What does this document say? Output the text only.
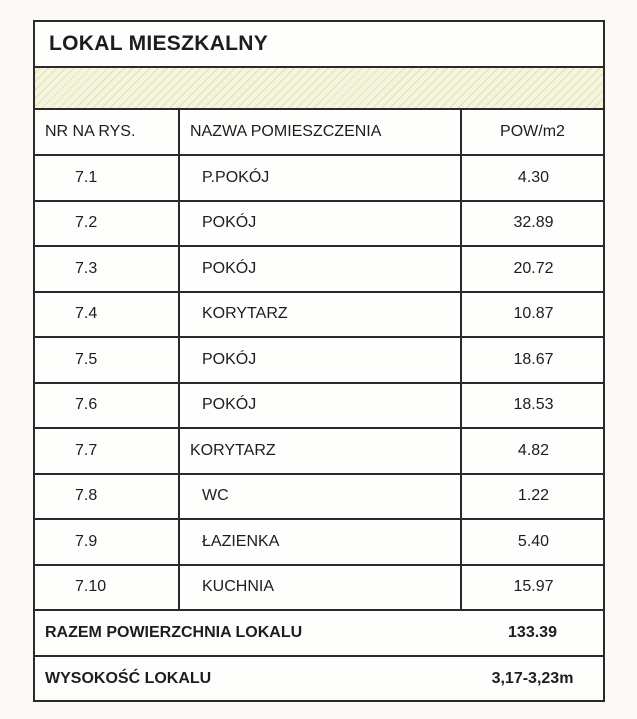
LOKAL MIESZKALNY
NR NA RYS.	NAZWA POMIESZCZENIA	POW/m2
7.1	P.POKÓJ	4.30
7.2	POKÓJ	32.89
7.3	POKÓJ	20.72
7.4	KORYTARZ	10.87
7.5	POKÓJ	18.67
7.6	POKÓJ	18.53
7.7	KORYTARZ	4.82
7.8	WC	1.22
7.9	ŁAZIENKA	5.40
7.10	KUCHNIA	15.97
RAZEM POWIERZCHNIA LOKALU	133.39
WYSOKOŚĆ LOKALU	3,17-3,23m
